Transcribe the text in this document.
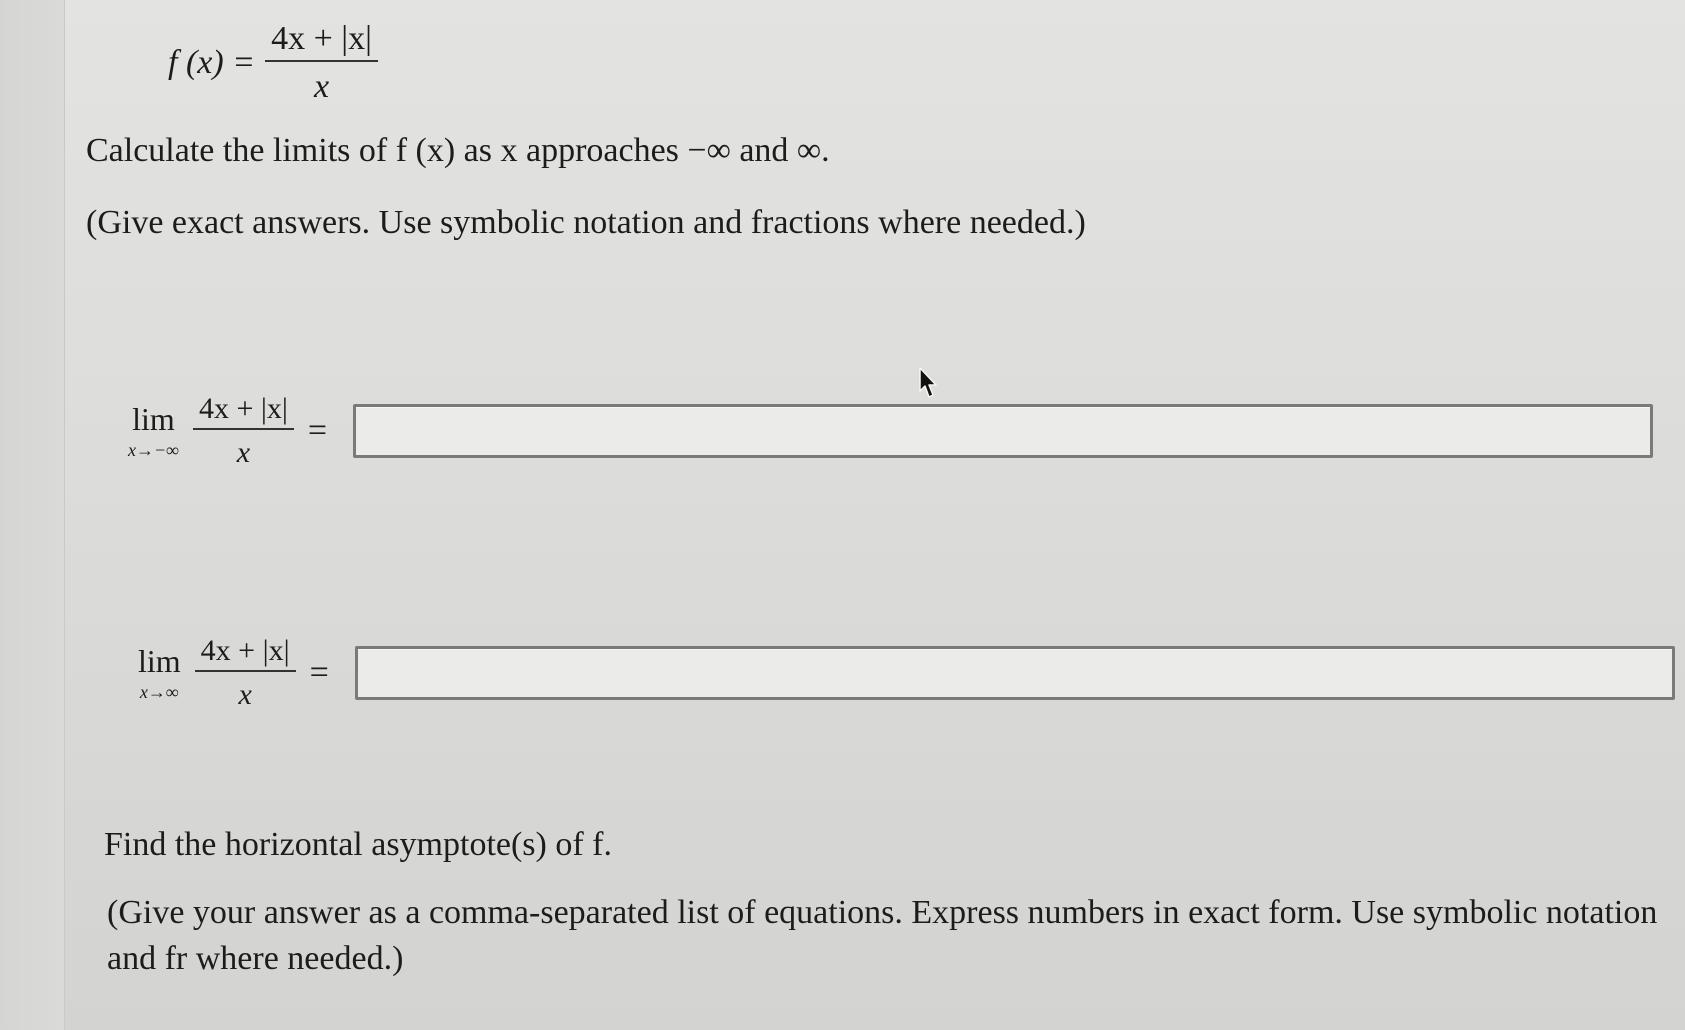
f $(x) = \frac{4x + |x|}{x}$
Calculate the limits of f (x) as x approaches −∞ and ∞.
(Give exact answers. Use symbolic notation and fractions where needed.)
lim
$x\to-\infty \frac{4x + |x|}{x}$ =
lim
$x\to\infty \frac{4x + |x|}{x}$ =
Find the horizontal asymptote(s) of f.
(Give your answer as a comma-separated list of equations. Express numbers in exact form. Use symbolic notation and fr where needed.)
